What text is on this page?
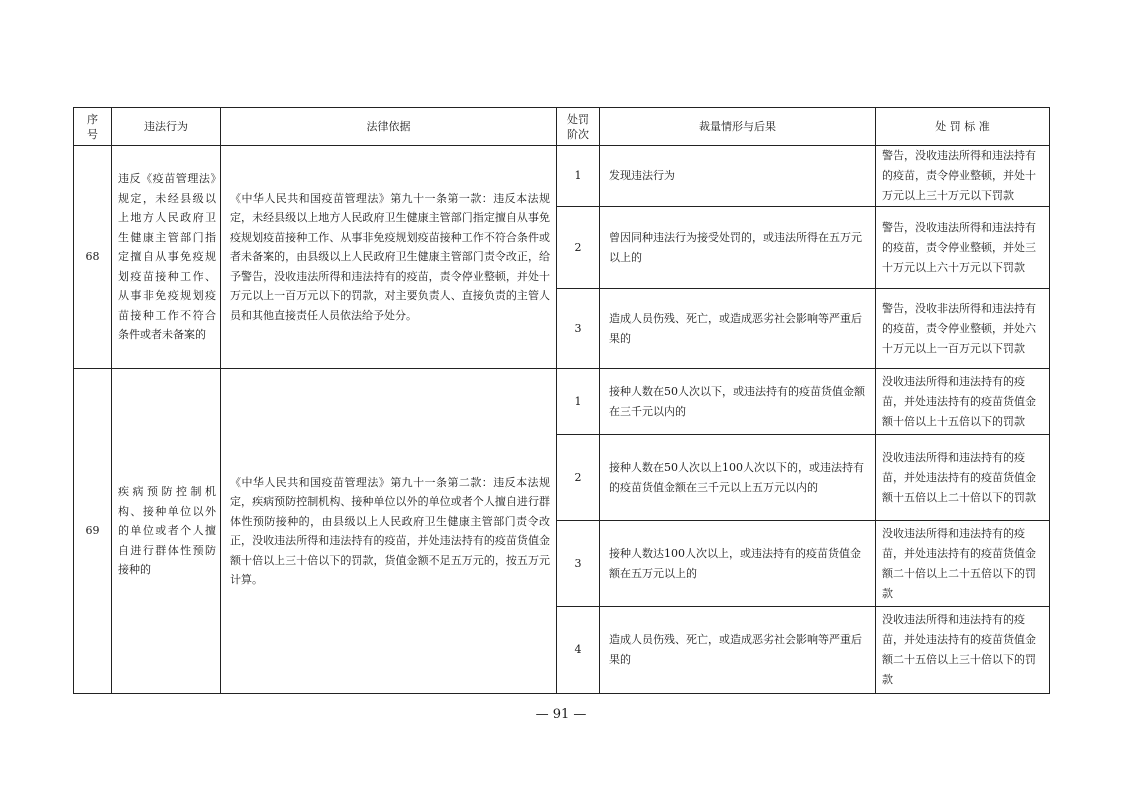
序号	违法行为	法律依据	处罚阶次	裁量情形与后果	处 罚 标 准
68	违反《疫苗管理法》规定，未经县级以上地方人民政府卫生健康主管部门指定擅自从事免疫规划疫苗接种工作、从事非免疫规划疫苗接种工作不符合条件或者未备案的	《中华人民共和国疫苗管理法》第九十一条第一款：违反本法规定，未经县级以上地方人民政府卫生健康主管部门指定擅自从事免疫规划疫苗接种工作、从事非免疫规划疫苗接种工作不符合条件或者未备案的，由县级以上人民政府卫生健康主管部门责令改正，给予警告，没收违法所得和违法持有的疫苗，责令停业整顿，并处十万元以上一百万元以下的罚款，对主要负责人、直接负责的主管人员和其他直接责任人员依法给予处分。	1	发现违法行为	警告，没收违法所得和违法持有的疫苗，责令停业整顿，并处十万元以上三十万元以下罚款

			2	曾因同种违法行为接受处罚的，或违法所得在五万元以上的	警告，没收违法所得和违法持有的疫苗，责令停业整顿，并处三十万元以上六十万元以下罚款

			3	造成人员伤残、死亡，或造成恶劣社会影响等严重后果的	警告，没收非法所得和违法持有的疫苗，责令停业整顿，并处六十万元以上一百万元以下罚款

69	疾病预防控制机构、接种单位以外的单位或者个人擅自进行群体性预防接种的	《中华人民共和国疫苗管理法》第九十一条第二款：违反本法规定，疾病预防控制机构、接种单位以外的单位或者个人擅自进行群体性预防接种的，由县级以上人民政府卫生健康主管部门责令改正，没收违法所得和违法持有的疫苗，并处违法持有的疫苗货值金额十倍以上三十倍以下的罚款，货值金额不足五万元的，按五万元计算。	1	接种人数在50人次以下，或违法持有的疫苗货值金额在三千元以内的	没收违法所得和违法持有的疫苗，并处违法持有的疫苗货值金额十倍以上十五倍以下的罚款

			2	接种人数在50人次以上100人次以下的，或违法持有的疫苗货值金额在三千元以上五万元以内的	没收违法所得和违法持有的疫苗，并处违法持有的疫苗货值金额十五倍以上二十倍以下的罚款

			3	接种人数达100人次以上，或违法持有的疫苗货值金额在五万元以上的	没收违法所得和违法持有的疫苗，并处违法持有的疫苗货值金额二十倍以上二十五倍以下的罚款

			4	造成人员伤残、死亡，或造成恶劣社会影响等严重后果的	没收违法所得和违法持有的疫苗，并处违法持有的疫苗货值金额二十五倍以上三十倍以下的罚款
— 91 —
